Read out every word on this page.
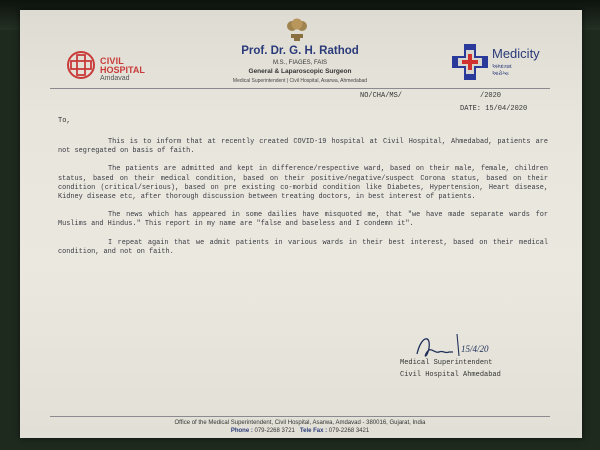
CIVIL
HOSPITAL
Amdavad
Prof. Dr. G. H. Rathod
M.S., FIAGES, FAIS
General & Laparoscopic Surgeon
Medical Superintendent | Civil Hospital, Asarwa, Ahmedabad
Medicity
અમદાવાદ
આરોગ્ય
NO/CHA/MS/	/2020
DATE: 15/04/2020
To,

This is to inform that at recently created COVID-19 hospital at Civil Hospital, Ahmedabad, patients are not segregated on basis of faith.

The patients are admitted and kept in difference/respective ward, based on their male, female, children status, based on their medical condition, based on their positive/negative/suspect Corona status, based on their condition (critical/serious), based on pre existing co-morbid condition like Diabetes, Hypertension, Heart disease, Kidney disease etc, after thorough discussion between treating doctors, in best interest of patients.

The news which has appeared in some dailies have misquoted me, that "we have made separate wards for Muslims and Hindus." This report in my name are "false and baseless and I condemn it".

I repeat again that we admit patients in various wards in their best interest, based on their medical condition, and not on faith.

15/4/20
Medical Superintendent
Civil Hospital Ahmedabad
Office of the Medical Superintendent, Civil Hospital, Asarwa, Amdavad - 380016, Gujarat, India
Phone : 079-2268 3721 Tele Fax : 079-2268 3421
